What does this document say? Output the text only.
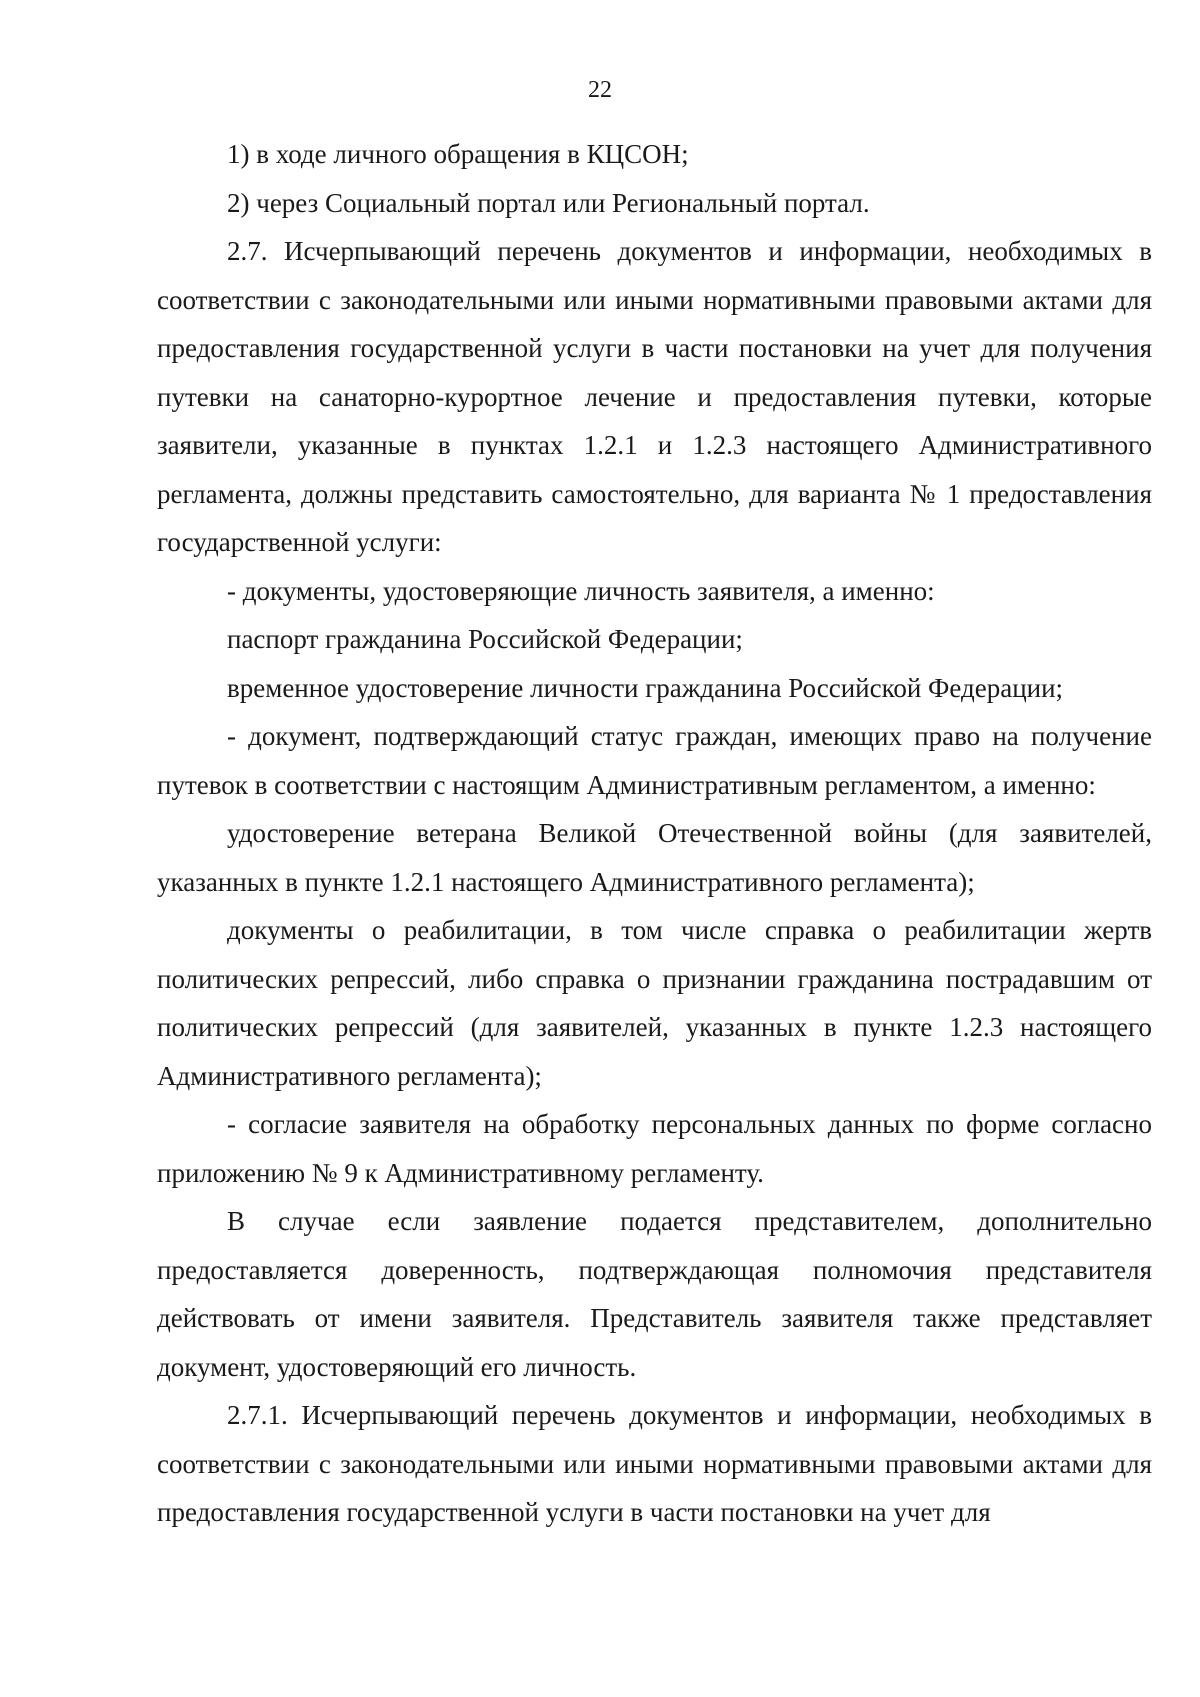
22

1) в ходе личного обращения в КЦСОН;

2) через Социальный портал или Региональный портал.

2.7. Исчерпывающий перечень документов и информации, необходимых в соответствии с законодательными или иными нормативными правовыми актами для предоставления государственной услуги в части постановки на учет для получения путевки на санаторно-курортное лечение и предоставления путевки, которые заявители, указанные в пунктах 1.2.1 и 1.2.3 настоящего Административного регламента, должны представить самостоятельно, для варианта № 1 предоставления государственной услуги:

- документы, удостоверяющие личность заявителя, а именно:

паспорт гражданина Российской Федерации;

временное удостоверение личности гражданина Российской Федерации;

- документ, подтверждающий статус граждан, имеющих право на получение путевок в соответствии с настоящим Административным регламентом, а именно:

удостоверение ветерана Великой Отечественной войны (для заявителей, указанных в пункте 1.2.1 настоящего Административного регламента);

документы о реабилитации, в том числе справка о реабилитации жертв политических репрессий, либо справка о признании гражданина пострадавшим от политических репрессий (для заявителей, указанных в пункте 1.2.3 настоящего Административного регламента);

- согласие заявителя на обработку персональных данных по форме согласно приложению № 9 к Административному регламенту.

В случае если заявление подается представителем, дополнительно предоставляется доверенность, подтверждающая полномочия представителя действовать от имени заявителя. Представитель заявителя также представляет документ, удостоверяющий его личность.

2.7.1. Исчерпывающий перечень документов и информации, необходимых в соответствии с законодательными или иными нормативными правовыми актами для предоставления государственной услуги в части постановки на учет для
